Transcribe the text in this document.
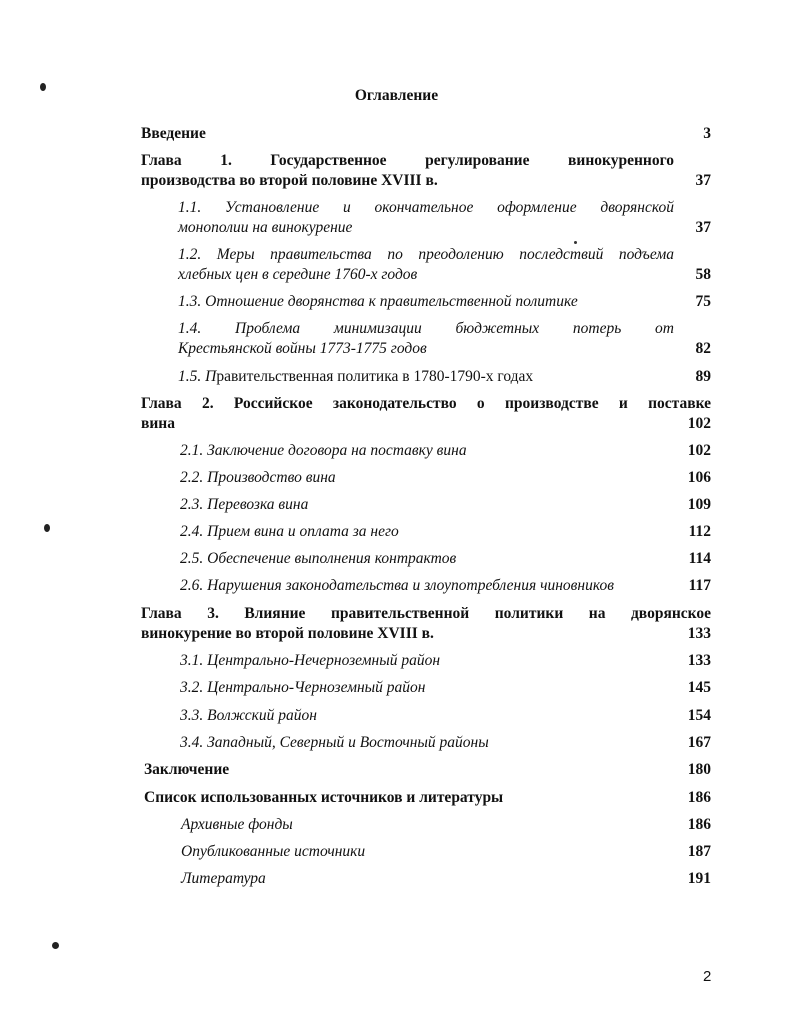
Оглавление
Введение	3
Глава 1. Государственное регулирование винокуренного
производства во второй половине XVIII в.	37
1.1. Установление и окончательное оформление дворянской
монополии на винокурение	37
1.2. Меры правительства по преодолению последствий подъема
хлебных цен в середине 1760-х годов	58
1.3. Отношение дворянства к правительственной политике	75
1.4. Проблема минимизации бюджетных потерь от
Крестьянской войны 1773-1775 годов	82
1.5. Правительственная политика в 1780-1790-х годах	89
Глава 2. Российское законодательство о производстве и поставке
вина	102
2.1. Заключение договора на поставку вина	102
2.2. Производство вина	106
2.3. Перевозка вина	109
2.4. Прием вина и оплата за него	112
2.5. Обеспечение выполнения контрактов	114
2.6. Нарушения законодательства и злоупотребления чиновников	117
Глава 3. Влияние правительственной политики на дворянское
винокурение во второй половине XVIII в.	133
3.1. Центрально-Нечерноземный район	133
3.2. Центрально-Черноземный район	145
3.3. Волжский район	154
3.4. Западный, Северный и Восточный районы	167
Заключение	180
Список использованных источников и литературы	186
Архивные фонды	186
Опубликованные источники	187
Литература	191
2
